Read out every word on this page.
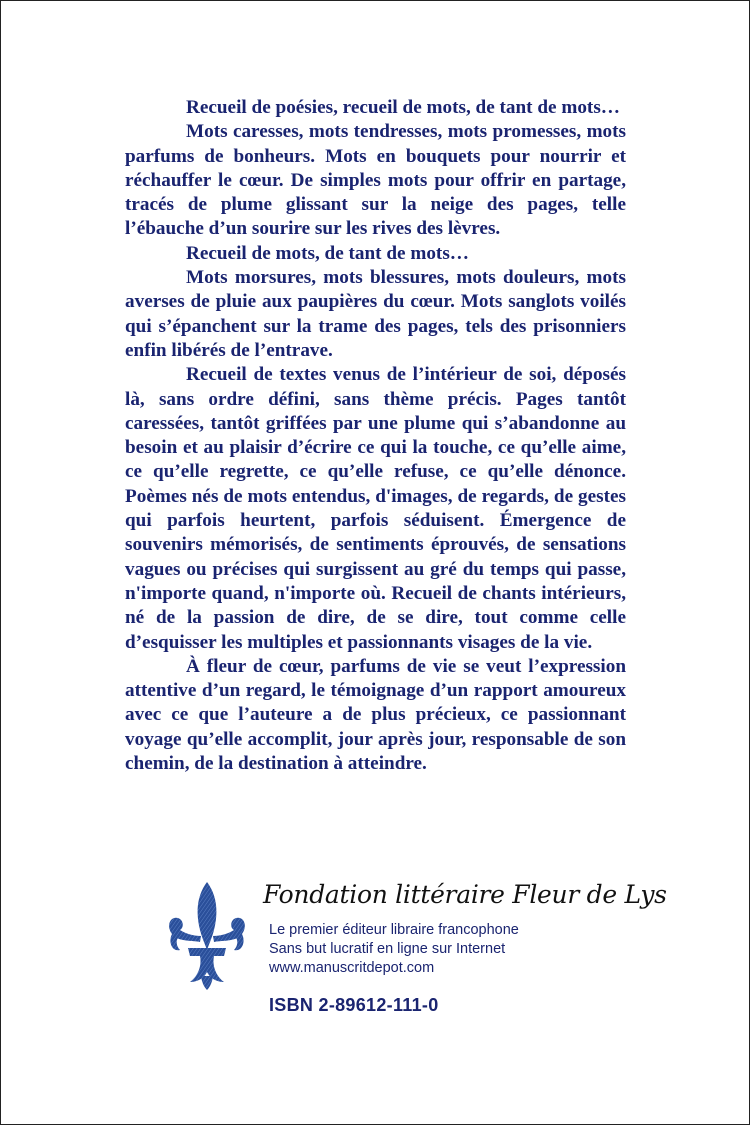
Recueil de poésies, recueil de mots, de tant de mots…

Mots caresses, mots tendresses, mots promesses, mots parfums de bonheurs. Mots en bouquets pour nourrir et réchauffer le cœur. De simples mots pour offrir en partage, tracés de plume glissant sur la neige des pages, telle l’ébauche d’un sourire sur les rives des lèvres.

Recueil de mots, de tant de mots…

Mots morsures, mots blessures, mots douleurs, mots averses de pluie aux paupières du cœur. Mots sanglots voilés qui s’épanchent sur la trame des pages, tels des prisonniers enfin libérés de l’entrave.

Recueil de textes venus de l’intérieur de soi, déposés là, sans ordre défini, sans thème précis. Pages tantôt caressées, tantôt griffées par une plume qui s’abandonne au besoin et au plaisir d’écrire ce qui la touche, ce qu’elle aime, ce qu’elle regrette, ce qu’elle refuse, ce qu’elle dénonce. Poèmes nés de mots entendus, d'images, de regards, de gestes qui parfois heurtent, parfois séduisent. Émergence de souvenirs mémorisés, de sentiments éprouvés, de sensations vagues ou précises qui surgissent au gré du temps qui passe, n'importe quand, n'importe où. Recueil de chants intérieurs, né de la passion de dire, de se dire, tout comme celle d’esquisser les multiples et passionnants visages de la vie.

À fleur de cœur, parfums de vie se veut l’expression attentive d’un regard, le témoignage d’un rapport amoureux avec ce que l’auteure a de plus précieux, ce passionnant voyage qu’elle accomplit, jour après jour, responsable de son chemin, de la destination à atteindre.

Fondation littéraire Fleur de Lys
Le premier éditeur libraire francophone
Sans but lucratif en ligne sur Internet
www.manuscritdepot.com
ISBN 2-89612-111-0
